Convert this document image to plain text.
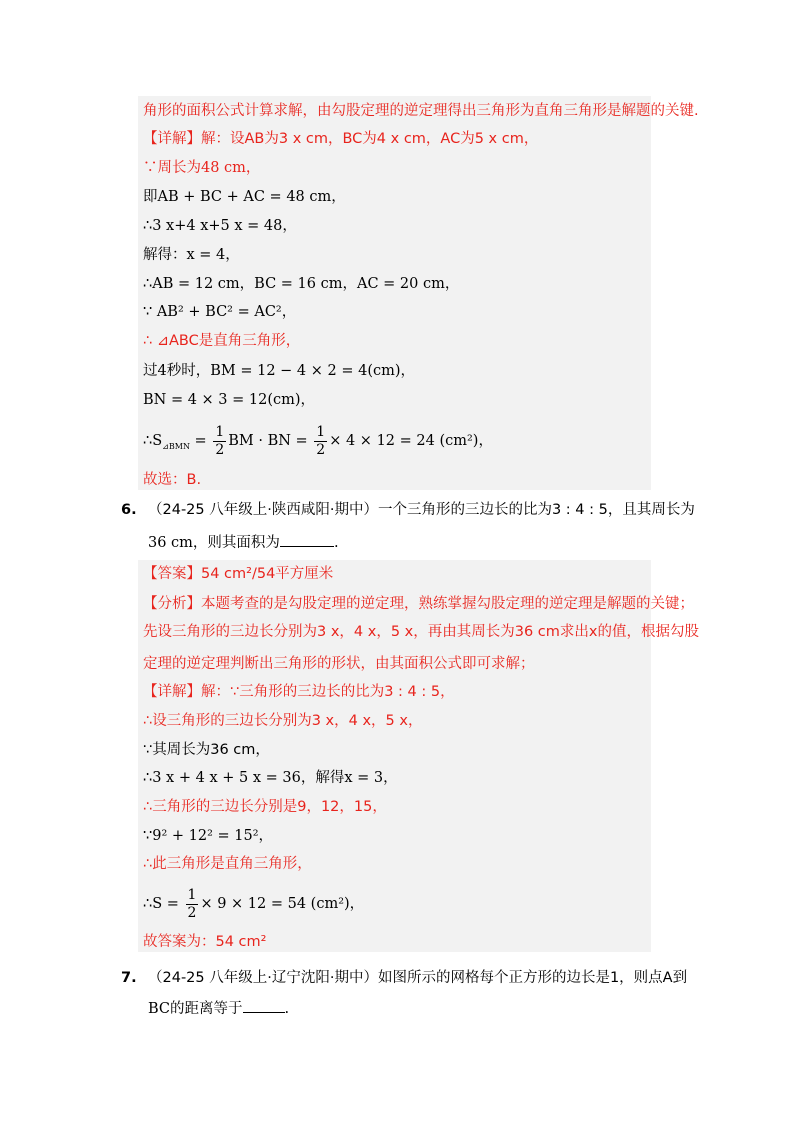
角形的面积公式计算求解，由勾股定理的逆定理得出三角形为直角三角形是解题的关键.
【详解】解：设AB为3 x cm，BC为4 x cm，AC为5 x cm，
∵周长为48 cm，
即AB + BC + AC = 48 cm，
∴3 x+4 x+5 x = 48，
解得：x = 4，
∴AB = 12 cm，BC = 16 cm，AC = 20 cm，
∵ AB² + BC² = AC²，
∴ ⊿ABC是直角三角形，
过4秒时，BM = 12 − 4 × 2 = 4(cm)，
BN = 4 × 3 = 12(cm)，
$\therefore S_{⊿BMN} = \frac{1}{2}$ BM · BN = $\frac{1}{2} \times 4 \times 12 = 24$ (cm²)，
故选：B.
6. （24-25 八年级上·陕西咸阳·期中）一个三角形的三边长的比为3 : 4 : 5，且其周长为
36 cm，则其面积为	.
【答案】54 cm²/54平方厘米
【分析】本题考查的是勾股定理的逆定理，熟练掌握勾股定理的逆定理是解题的关键；
先设三角形的三边长分别为3 x，4 x，5 x，再由其周长为36 cm求出x的值，根据勾股
定理的逆定理判断出三角形的形状，由其面积公式即可求解；
【详解】解：∵三角形的三边长的比为3 : 4 : 5，
∴设三角形的三边长分别为3 x，4 x，5 x，
∵其周长为36 cm，
∴3 x + 4 x + 5 x = 36，解得x = 3，
∴三角形的三边长分别是9，12，15，
∵9² + 12² = 15²，
∴此三角形是直角三角形，
∴S = $\frac{1}{2} \times 9 \times 12 = 54$ (cm²)，
故答案为：54 cm²
7. （24-25 八年级上·辽宁沈阳·期中）如图所示的网格每个正方形的边长是1，则点A到
BC的距离等于	.
